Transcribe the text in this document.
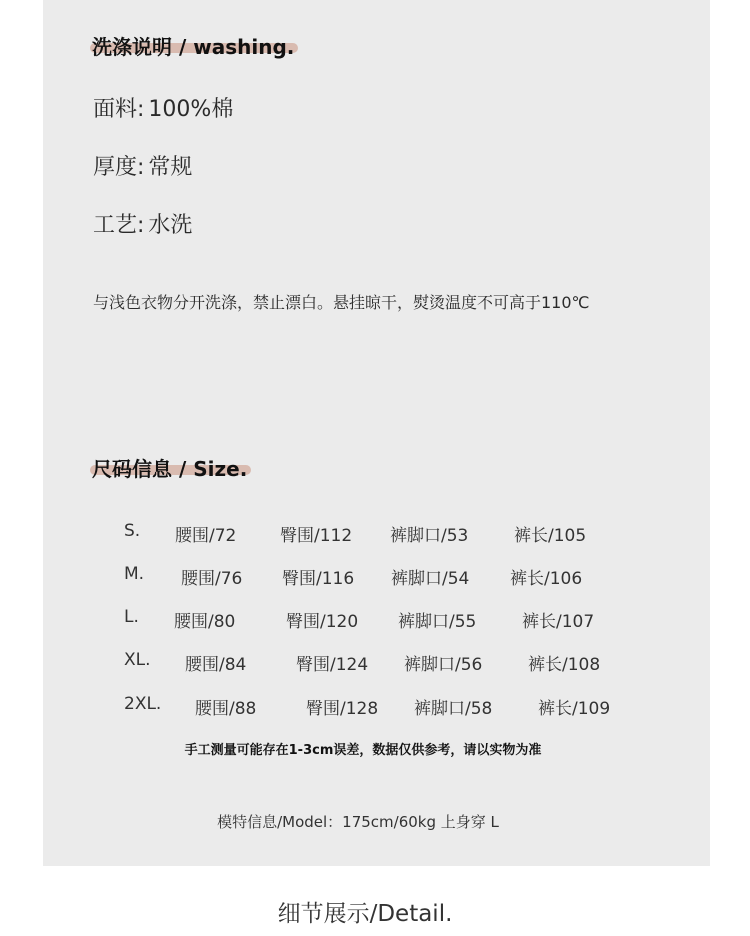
洗涤说明 / washing.
面料: 100%棉
厚度: 常规
工艺: 水洗
与浅色衣物分开洗涤，禁止漂白。悬挂晾干，熨烫温度不可高于110℃
尺码信息 / Size.
S. 腰围/72	臀围/112 裤脚口/53	裤长/105
M. 腰围/76 臀围/116 裤脚口/54 裤长/106
L. 腰围/80	臀围/120 裤脚口/55	裤长/107
XL. 腰围/84	臀围/124 裤脚口/56	裤长/108
2XL. 腰围/88	臀围/128 裤脚口/58	裤长/109
手工测量可能存在1-3cm误差，数据仅供参考，请以实物为准
模特信息/Model：175cm/60kg 上身穿 L
细节展示/Detail.
